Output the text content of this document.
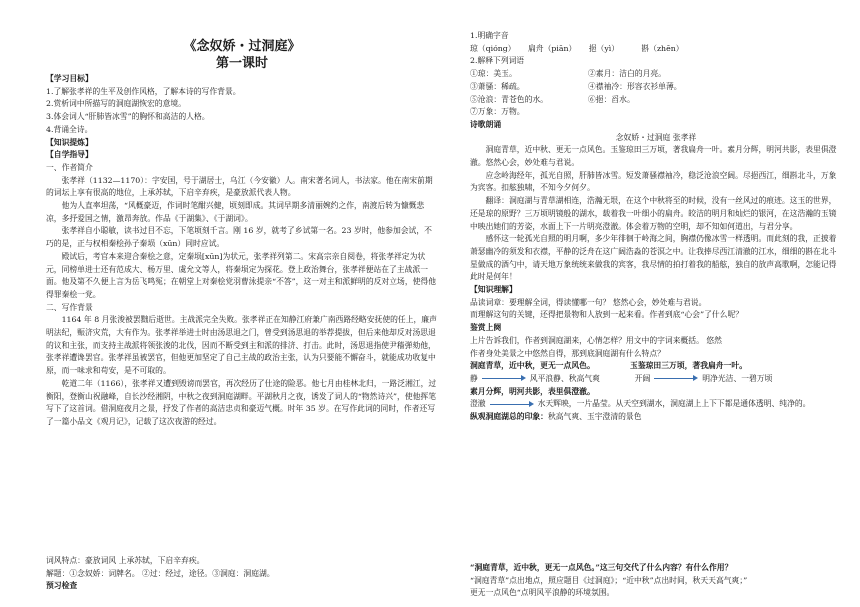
《念奴娇・过洞庭》
第一课时

【学习目标】

1.了解张孝祥的生平及创作风格，了解本诗的写作背景。

2.赏析词中所描写的洞庭湖恢宏的意境。

3.体会词人“肝肺皆冰雪”的胸怀和高洁的人格。

4.背诵全诗。

【知识提炼】

【自学指导】

一、作者简介

张孝祥（1132—1170）：字安国，号于湖居士，乌江（今安徽）人。南宋著名词人，书法家。他在南宋前期的词坛上享有很高的地位，上承苏轼，下启辛弃疾，是豪放派代表人物。

他为人直率坦荡，“风概豪迈，作词时笔酣兴健，顷刻即成。其词早期多清丽婉约之作，南渡后转为慷慨悲凉，多抒爱国之情，激昂奔放。作品《于湖集》、《于湖词》。

张孝祥自小聪敏，读书过目不忘，下笔顷刻千言。刚 16 岁，就考了乡试第一名。23 岁时，他参加会试，不巧的是，正与权相秦桧孙子秦埙（xūn）同时应试。

殿试后，考官本来迎合秦桧之意，定秦埙[xūn]为状元，张孝祥列第二。宋高宗亲自阅卷，将张孝祥定为状元，同榜单进士还有范成大、杨万里、虞允文等人，将秦埙定为探花。登上政治舞台，张孝祥便站在了主战派一面。他及第不久便上言为岳飞鸣冤；在朝堂上对秦桧党羽曹泳提亲“不答”，这一对主和派鲜明的反对立场，使得他得罪秦桧一党。

二、写作背景

1164 年 8 月张浚被罢黜后逝世。主战派完全失败。张孝祥正在知静江府兼广南西路经略安抚使的任上，廉声明法纪，赈济灾荒，大有作为。张孝祥举进士时由汤思退之门，曾受到汤思退的举荐提拔，但后来他却反对汤思退的议和主张，而支持主战派将领张浚的北伐，因而不断受到主和派的排济、打击。此时，汤思退指使尹穑弹劾他，张孝祥遭谗罢官。张孝祥虽被罢官，但他更加坚定了自己主战的政治主张，认为只要能不懈奋斗，就能成功收复中原，而一味求和苟安，是不可取的。

乾道二年（1166），张孝祥又遭到毁谤而罢官，再次经历了仕途的险恶。他七月由桂林北归，一路泛湘江，过衡阳，登衡山祝融峰，自长沙经湘阴，中秋之夜到洞庭湖畔。平湖秋月之夜，诱发了词人的“物然诗兴”，使他挥笔写下了这首词。借洞庭夜月之景，抒发了作者的高洁忠贞和豪迈气概。时年 35 岁。在写作此词的同时，作者还写了一篇小品文《观月记》，记载了这次夜游的经过。

词风特点：豪放词风 上承苏轼，下启辛弃疾。

解题：①念奴娇：词牌名。 ②过：经过，途径。③洞庭：洞庭湖。

预习检查

1.明确字音

琼（qióng） 扁舟（piān） 挹（yì）	斟（zhēn）

2.解释下列词语

①琼：美玉。	②素月：洁白的月亮。
③萧骚：稀疏。	④襟袖冷：形容衣衫单薄。
⑤沧浪：青苍色的水。	⑥挹：舀水。
⑦万象：万物。

诗歌朗诵

念奴娇・过洞庭 张孝祥

洞庭青草，近中秋、更无一点风色。玉鉴琼田三万顷，著我扁舟一叶。素月分辉，明河共影，表里俱澄澈。悠然心会，妙处难与君说。

应念岭海经年，孤光自照，肝肺皆冰雪。短发萧骚襟袖冷，稳泛沧浪空阔。尽挹西江，细斟北斗，万象为宾客。扣舷独啸，不知今夕何夕。

翻译：洞庭湖与青草湖相连，浩瀚无垠，在这个中秋将至的时候，没有一丝风过的痕迹。这玉的世界，还是琼的原野？三万顷明镜般的湖水，载着我一叶细小的扁舟。皎洁的明月和灿烂的银河，在这浩瀚的玉镜中映出她们的芳姿，水面上下一片明亮澄澈。体会着万物的空明，却不知如何道出，与君分享。

感怀这一轮孤光自照的明月啊，多少年徘徊于岭海之间，胸襟仍像冰雪一样透明。而此刻的我，正披着萧瑟幽冷的须发和衣襟，平静的泛舟在这广阔浩淼的苍溟之中。让我捧尽西江清澈的江水，细细的斟在北斗星做成的酒勺中，请天地万象统统来做我的宾客，我尽情的拍打着我的船舷，独自的放声高歌啊，怎能记得此时是何年！

【知识理解】

品读词章：要理解全词，得读懂哪一句？ 悠然心会，妙处难与君说。

而理解这句的关键，还得把景物和人放到一起来看。作者到底“心会”了什么呢？

鉴赏上阕

上片告诉我们，作者到洞庭湖来，心情怎样？用文中的字词来概括。 悠然

作者身处美景之中悠然自得，那到底洞庭湖有什么特点？

洞庭青草，近中秋，更无一点风色。	玉鉴琼田三万顷，著我扁舟一叶。

静	风平浪静、秋高气爽	开阔	明净光洁、一碧万顷

素月分辉，明河共影，表里俱澄澈。

澄澈	水天辉映，一片晶莹。从天空到湖水，洞庭湖上上下下都是通体透明、纯净的。

纵观洞庭湖总的印象：秋高气爽、玉宇澄清的景色

“洞庭青草，近中秋，更无一点风色。”这三句交代了什么内容？有什么作用？

“洞庭青草”点出地点，照应题目《过洞庭》；“近中秋”点出时间，秋天天高气爽；”

更无一点风色“点明风平浪静的环境氛围。
